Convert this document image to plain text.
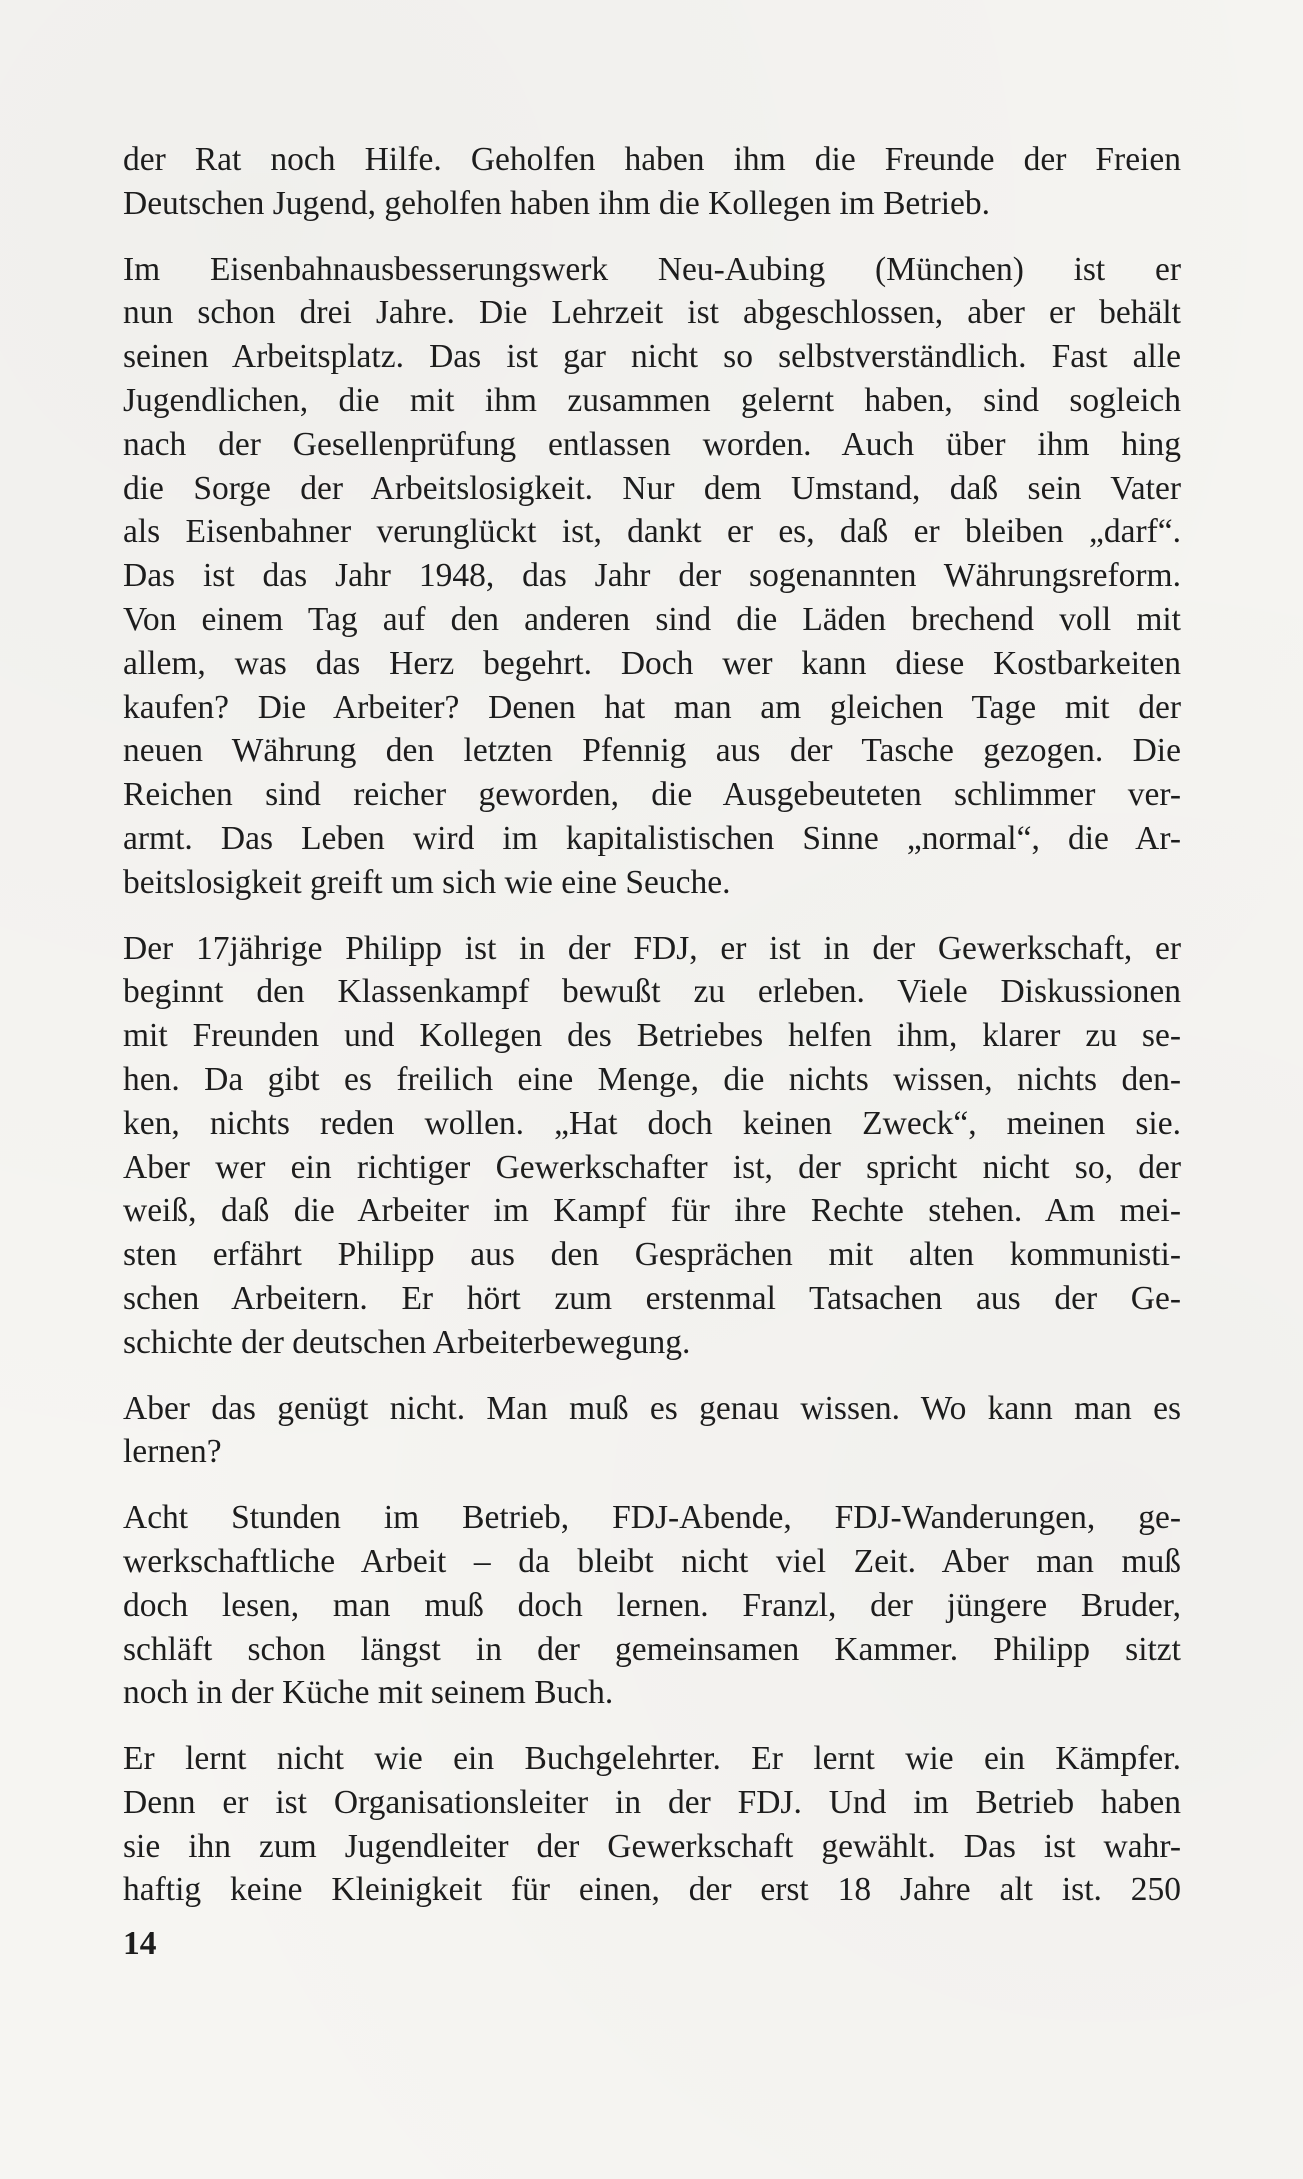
der Rat noch Hilfe. Geholfen haben ihm die Freunde der Freien
Deutschen Jugend, geholfen haben ihm die Kollegen im Betrieb.

Im Eisenbahnausbesserungswerk Neu-Aubing (München) ist er
nun schon drei Jahre. Die Lehrzeit ist abgeschlossen, aber er behält
seinen Arbeitsplatz. Das ist gar nicht so selbstverständlich. Fast alle
Jugendlichen, die mit ihm zusammen gelernt haben, sind sogleich
nach der Gesellenprüfung entlassen worden. Auch über ihm hing
die Sorge der Arbeitslosigkeit. Nur dem Umstand, daß sein Vater
als Eisenbahner verunglückt ist, dankt er es, daß er bleiben „darf“.
Das ist das Jahr 1948, das Jahr der sogenannten Währungsreform.
Von einem Tag auf den anderen sind die Läden brechend voll mit
allem, was das Herz begehrt. Doch wer kann diese Kostbarkeiten
kaufen? Die Arbeiter? Denen hat man am gleichen Tage mit der
neuen Währung den letzten Pfennig aus der Tasche gezogen. Die
Reichen sind reicher geworden, die Ausgebeuteten schlimmer ver-
armt. Das Leben wird im kapitalistischen Sinne „normal“, die Ar-
beitslosigkeit greift um sich wie eine Seuche.

Der 17jährige Philipp ist in der FDJ, er ist in der Gewerkschaft, er
beginnt den Klassenkampf bewußt zu erleben. Viele Diskussionen
mit Freunden und Kollegen des Betriebes helfen ihm, klarer zu se-
hen. Da gibt es freilich eine Menge, die nichts wissen, nichts den-
ken, nichts reden wollen. „Hat doch keinen Zweck“, meinen sie.
Aber wer ein richtiger Gewerkschafter ist, der spricht nicht so, der
weiß, daß die Arbeiter im Kampf für ihre Rechte stehen. Am mei-
sten erfährt Philipp aus den Gesprächen mit alten kommunisti-
schen Arbeitern. Er hört zum erstenmal Tatsachen aus der Ge-
schichte der deutschen Arbeiterbewegung.

Aber das genügt nicht. Man muß es genau wissen. Wo kann man es
lernen?

Acht Stunden im Betrieb, FDJ-Abende, FDJ-Wanderungen, ge-
werkschaftliche Arbeit – da bleibt nicht viel Zeit. Aber man muß
doch lesen, man muß doch lernen. Franzl, der jüngere Bruder,
schläft schon längst in der gemeinsamen Kammer. Philipp sitzt
noch in der Küche mit seinem Buch.

Er lernt nicht wie ein Buchgelehrter. Er lernt wie ein Kämpfer.
Denn er ist Organisationsleiter in der FDJ. Und im Betrieb haben
sie ihn zum Jugendleiter der Gewerkschaft gewählt. Das ist wahr-
haftig keine Kleinigkeit für einen, der erst 18 Jahre alt ist. 250

14
